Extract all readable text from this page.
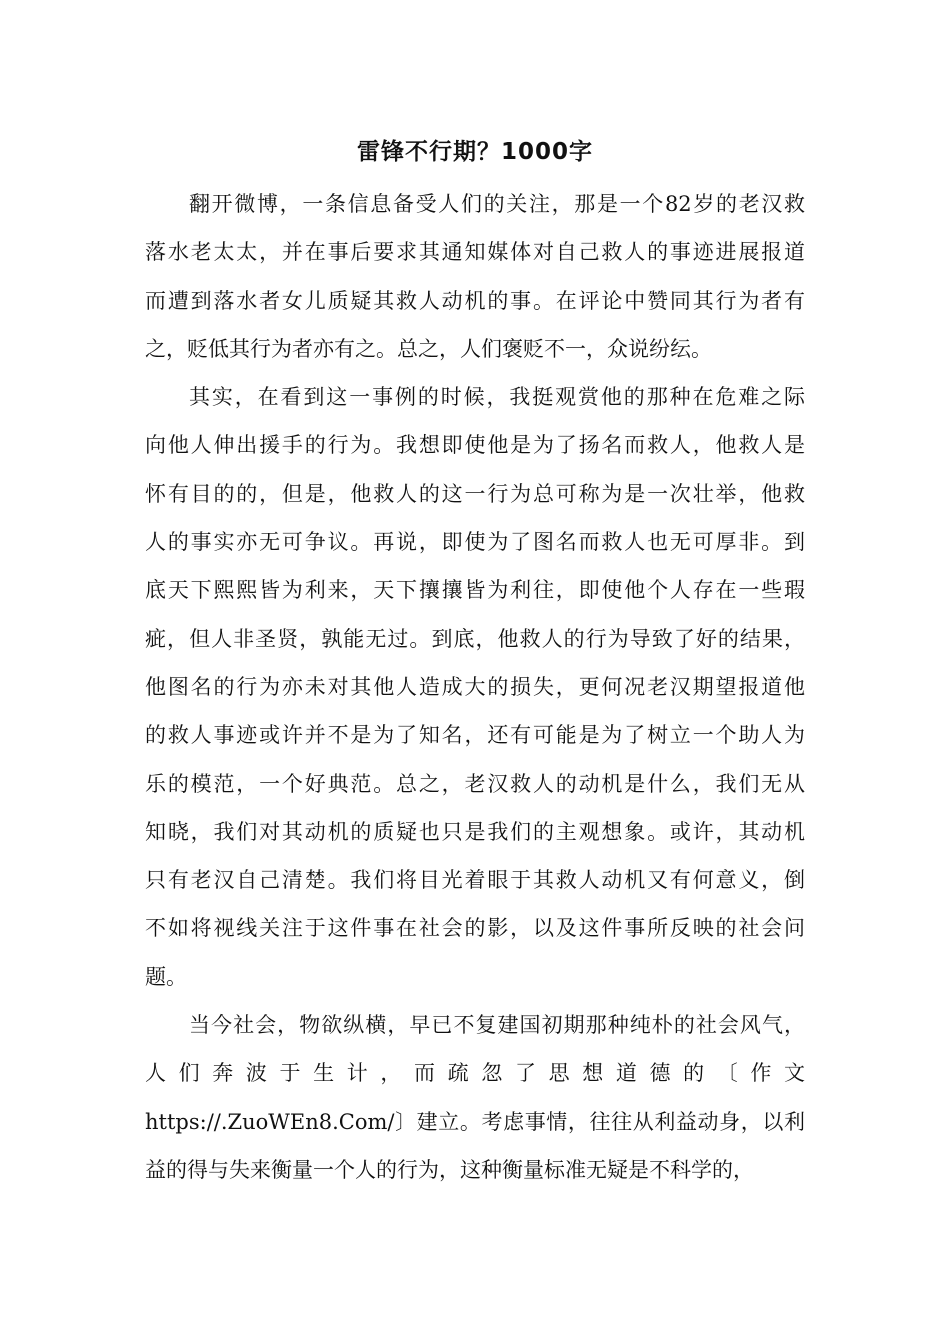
雷锋不行期？1000字
翻开微博，一条信息备受人们的关注，那是一个82岁的老汉救
落水老太太，并在事后要求其通知媒体对自己救人的事迹进展报道
而遭到落水者女儿质疑其救人动机的事。在评论中赞同其行为者有
之，贬低其行为者亦有之。总之，人们褒贬不一，众说纷纭。
其实，在看到这一事例的时候，我挺观赏他的那种在危难之际
向他人伸出援手的行为。我想即使他是为了扬名而救人，他救人是
怀有目的的，但是，他救人的这一行为总可称为是一次壮举，他救
人的事实亦无可争议。再说，即使为了图名而救人也无可厚非。到
底天下熙熙皆为利来，天下攘攘皆为利往，即使他个人存在一些瑕
疵，但人非圣贤，孰能无过。到底，他救人的行为导致了好的结果，
他图名的行为亦未对其他人造成大的损失，更何况老汉期望报道他
的救人事迹或许并不是为了知名，还有可能是为了树立一个助人为
乐的模范，一个好典范。总之，老汉救人的动机是什么，我们无从
知晓，我们对其动机的质疑也只是我们的主观想象。或许，其动机
只有老汉自己清楚。我们将目光着眼于其救人动机又有何意义，倒
不如将视线关注于这件事在社会的影，以及这件事所反映的社会问
题。
当今社会，物欲纵横，早已不复建国初期那种纯朴的社会风气，
人们奔波于生计，而疏忽了思想道德的〔作文
https://.ZuoWEn8.Com/〕建立。考虑事情，往往从利益动身，以利
益的得与失来衡量一个人的行为，这种衡量标准无疑是不科学的，
